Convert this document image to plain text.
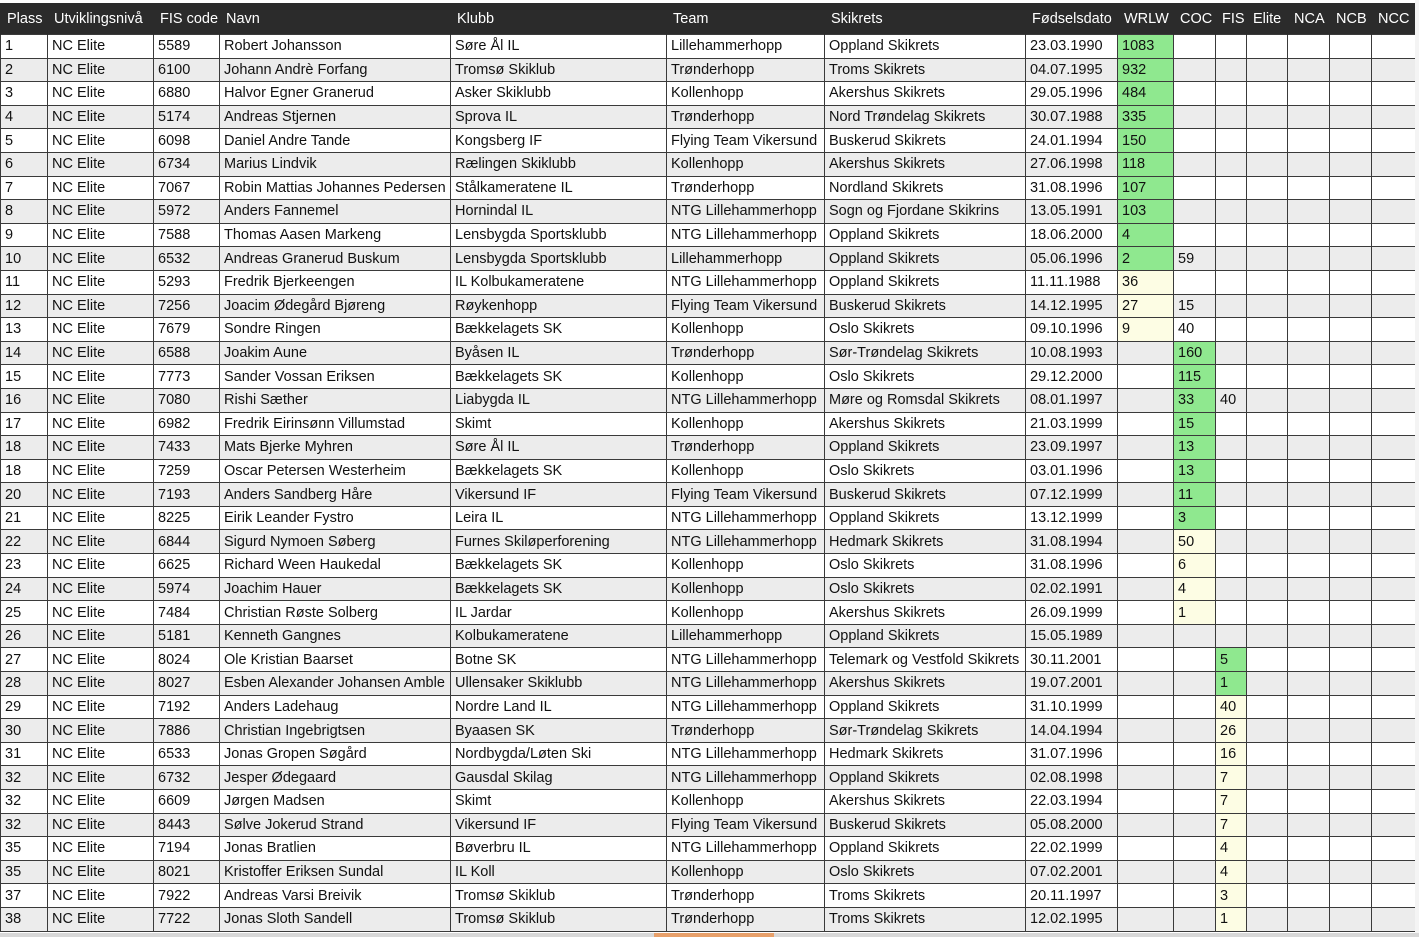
Plass	Utviklingsnivå	FIS code	Navn	Klubb	Team	Skikrets	Fødselsdato	WRLW	COC	FIS	Elite	NCA	NCB	NCC
1	NC Elite	5589	Robert Johansson	Søre Ål IL	Lillehammerhopp	Oppland Skikrets	23.03.1990	1083						
2	NC Elite	6100	Johann Andrè Forfang	Tromsø Skiklub	Trønderhopp	Troms Skikrets	04.07.1995	932						
3	NC Elite	6880	Halvor Egner Granerud	Asker Skiklubb	Kollenhopp	Akershus Skikrets	29.05.1996	484						
4	NC Elite	5174	Andreas Stjernen	Sprova IL	Trønderhopp	Nord Trøndelag Skikrets	30.07.1988	335						
5	NC Elite	6098	Daniel Andre Tande	Kongsberg IF	Flying Team Vikersund	Buskerud Skikrets	24.01.1994	150						
6	NC Elite	6734	Marius Lindvik	Rælingen Skiklubb	Kollenhopp	Akershus Skikrets	27.06.1998	118						
7	NC Elite	7067	Robin Mattias Johannes Pedersen	Stålkameratene IL	Trønderhopp	Nordland Skikrets	31.08.1996	107						
8	NC Elite	5972	Anders Fannemel	Hornindal IL	NTG Lillehammerhopp	Sogn og Fjordane Skikrins	13.05.1991	103						
9	NC Elite	7588	Thomas Aasen Markeng	Lensbygda Sportsklubb	NTG Lillehammerhopp	Oppland Skikrets	18.06.2000	4						
10	NC Elite	6532	Andreas Granerud Buskum	Lensbygda Sportsklubb	Lillehammerhopp	Oppland Skikrets	05.06.1996	2	59					
11	NC Elite	5293	Fredrik Bjerkeengen	IL Kolbukameratene	NTG Lillehammerhopp	Oppland Skikrets	11.11.1988	36						
12	NC Elite	7256	Joacim Ødegård Bjøreng	Røykenhopp	Flying Team Vikersund	Buskerud Skikrets	14.12.1995	27	15					
13	NC Elite	7679	Sondre Ringen	Bækkelagets SK	Kollenhopp	Oslo Skikrets	09.10.1996	9	40					
14	NC Elite	6588	Joakim Aune	Byåsen IL	Trønderhopp	Sør-Trøndelag Skikrets	10.08.1993		160					
15	NC Elite	7773	Sander Vossan Eriksen	Bækkelagets SK	Kollenhopp	Oslo Skikrets	29.12.2000		115					
16	NC Elite	7080	Rishi Sæther	Liabygda IL	NTG Lillehammerhopp	Møre og Romsdal Skikrets	08.01.1997		33	40				
17	NC Elite	6982	Fredrik Eirinsønn Villumstad	Skimt	Kollenhopp	Akershus Skikrets	21.03.1999		15					
18	NC Elite	7433	Mats Bjerke Myhren	Søre Ål IL	Trønderhopp	Oppland Skikrets	23.09.1997		13					
18	NC Elite	7259	Oscar Petersen Westerheim	Bækkelagets SK	Kollenhopp	Oslo Skikrets	03.01.1996		13					
20	NC Elite	7193	Anders Sandberg Håre	Vikersund IF	Flying Team Vikersund	Buskerud Skikrets	07.12.1999		11					
21	NC Elite	8225	Eirik Leander Fystro	Leira IL	NTG Lillehammerhopp	Oppland Skikrets	13.12.1999		3					
22	NC Elite	6844	Sigurd Nymoen Søberg	Furnes Skiløperforening	NTG Lillehammerhopp	Hedmark Skikrets	31.08.1994		50					
23	NC Elite	6625	Richard Ween Haukedal	Bækkelagets SK	Kollenhopp	Oslo Skikrets	31.08.1996		6					
24	NC Elite	5974	Joachim Hauer	Bækkelagets SK	Kollenhopp	Oslo Skikrets	02.02.1991		4					
25	NC Elite	7484	Christian Røste Solberg	IL Jardar	Kollenhopp	Akershus Skikrets	26.09.1999		1					
26	NC Elite	5181	Kenneth Gangnes	Kolbukameratene	Lillehammerhopp	Oppland Skikrets	15.05.1989							
27	NC Elite	8024	Ole Kristian Baarset	Botne SK	NTG Lillehammerhopp	Telemark og Vestfold Skikrets	30.11.2001			5				
28	NC Elite	8027	Esben Alexander Johansen Amble	Ullensaker Skiklubb	NTG Lillehammerhopp	Akershus Skikrets	19.07.2001			1				
29	NC Elite	7192	Anders Ladehaug	Nordre Land IL	NTG Lillehammerhopp	Oppland Skikrets	31.10.1999			40				
30	NC Elite	7886	Christian Ingebrigtsen	Byaasen SK	Trønderhopp	Sør-Trøndelag Skikrets	14.04.1994			26				
31	NC Elite	6533	Jonas Gropen Søgård	Nordbygda/Løten Ski	NTG Lillehammerhopp	Hedmark Skikrets	31.07.1996			16				
32	NC Elite	6732	Jesper Ødegaard	Gausdal Skilag	NTG Lillehammerhopp	Oppland Skikrets	02.08.1998			7				
32	NC Elite	6609	Jørgen Madsen	Skimt	Kollenhopp	Akershus Skikrets	22.03.1994			7				
32	NC Elite	8443	Sølve Jokerud Strand	Vikersund IF	Flying Team Vikersund	Buskerud Skikrets	05.08.2000			7				
35	NC Elite	7194	Jonas Bratlien	Bøverbru IL	NTG Lillehammerhopp	Oppland Skikrets	22.02.1999			4				
35	NC Elite	8021	Kristoffer Eriksen Sundal	IL Koll	Kollenhopp	Oslo Skikrets	07.02.2001			4				
37	NC Elite	7922	Andreas Varsi Breivik	Tromsø Skiklub	Trønderhopp	Troms Skikrets	20.11.1997			3				
38	NC Elite	7722	Jonas Sloth Sandell	Tromsø Skiklub	Trønderhopp	Troms Skikrets	12.02.1995			1				
